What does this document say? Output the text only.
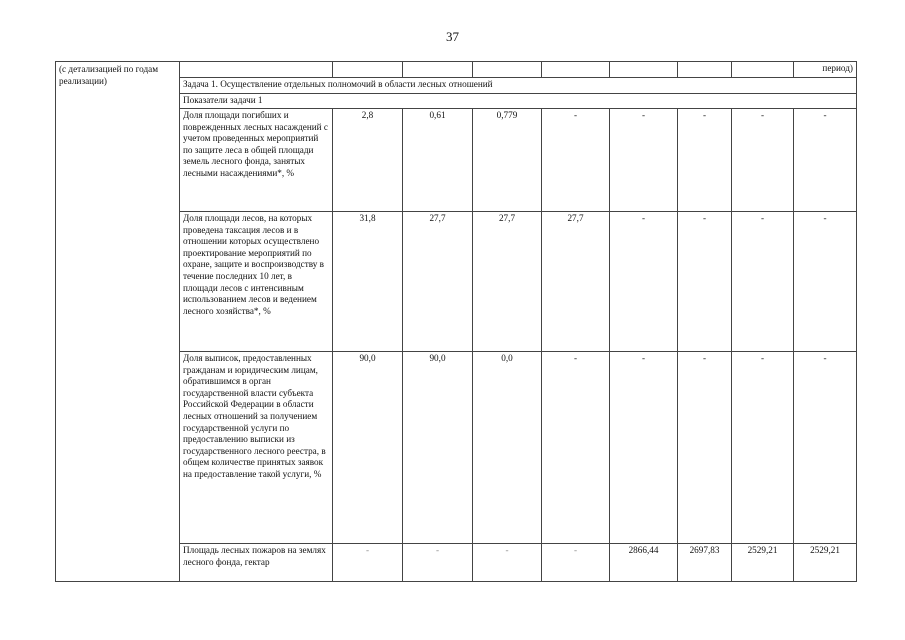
37
(с детализацией по годам реализации)									период)
	Задача 1. Осуществление отдельных полномочий в области лесных отношений								
	Показатели задачи 1								
	Доля площади погибших и поврежденных лесных насаждений с учетом проведенных мероприятий по защите леса в общей площади земель лесного фонда, занятых лесными насаждениями*, %	2,8	0,61	0,779	-	-	-	-	-
	Доля площади лесов, на которых проведена таксация лесов и в отношении которых осуществлено проектирование мероприятий по охране, защите и воспроизводству в течение последних 10 лет, в площади лесов с интенсивным использованием лесов и ведением лесного хозяйства*, %	31,8	27,7	27,7	27,7	-	-	-	-
	Доля выписок, предоставленных гражданам и юридическим лицам, обратившимся в орган государственной власти субъекта Российской Федерации в области лесных отношений за получением государственной услуги по предоставлению выписки из государственного лесного реестра, в общем количестве принятых заявок на предоставление такой услуги, %	90,0	90,0	0,0	-	-	-	-	-
	Площадь лесных пожаров на землях лесного фонда, гектар	-	-	-	-	2866,44	2697,83	2529,21	2529,21
